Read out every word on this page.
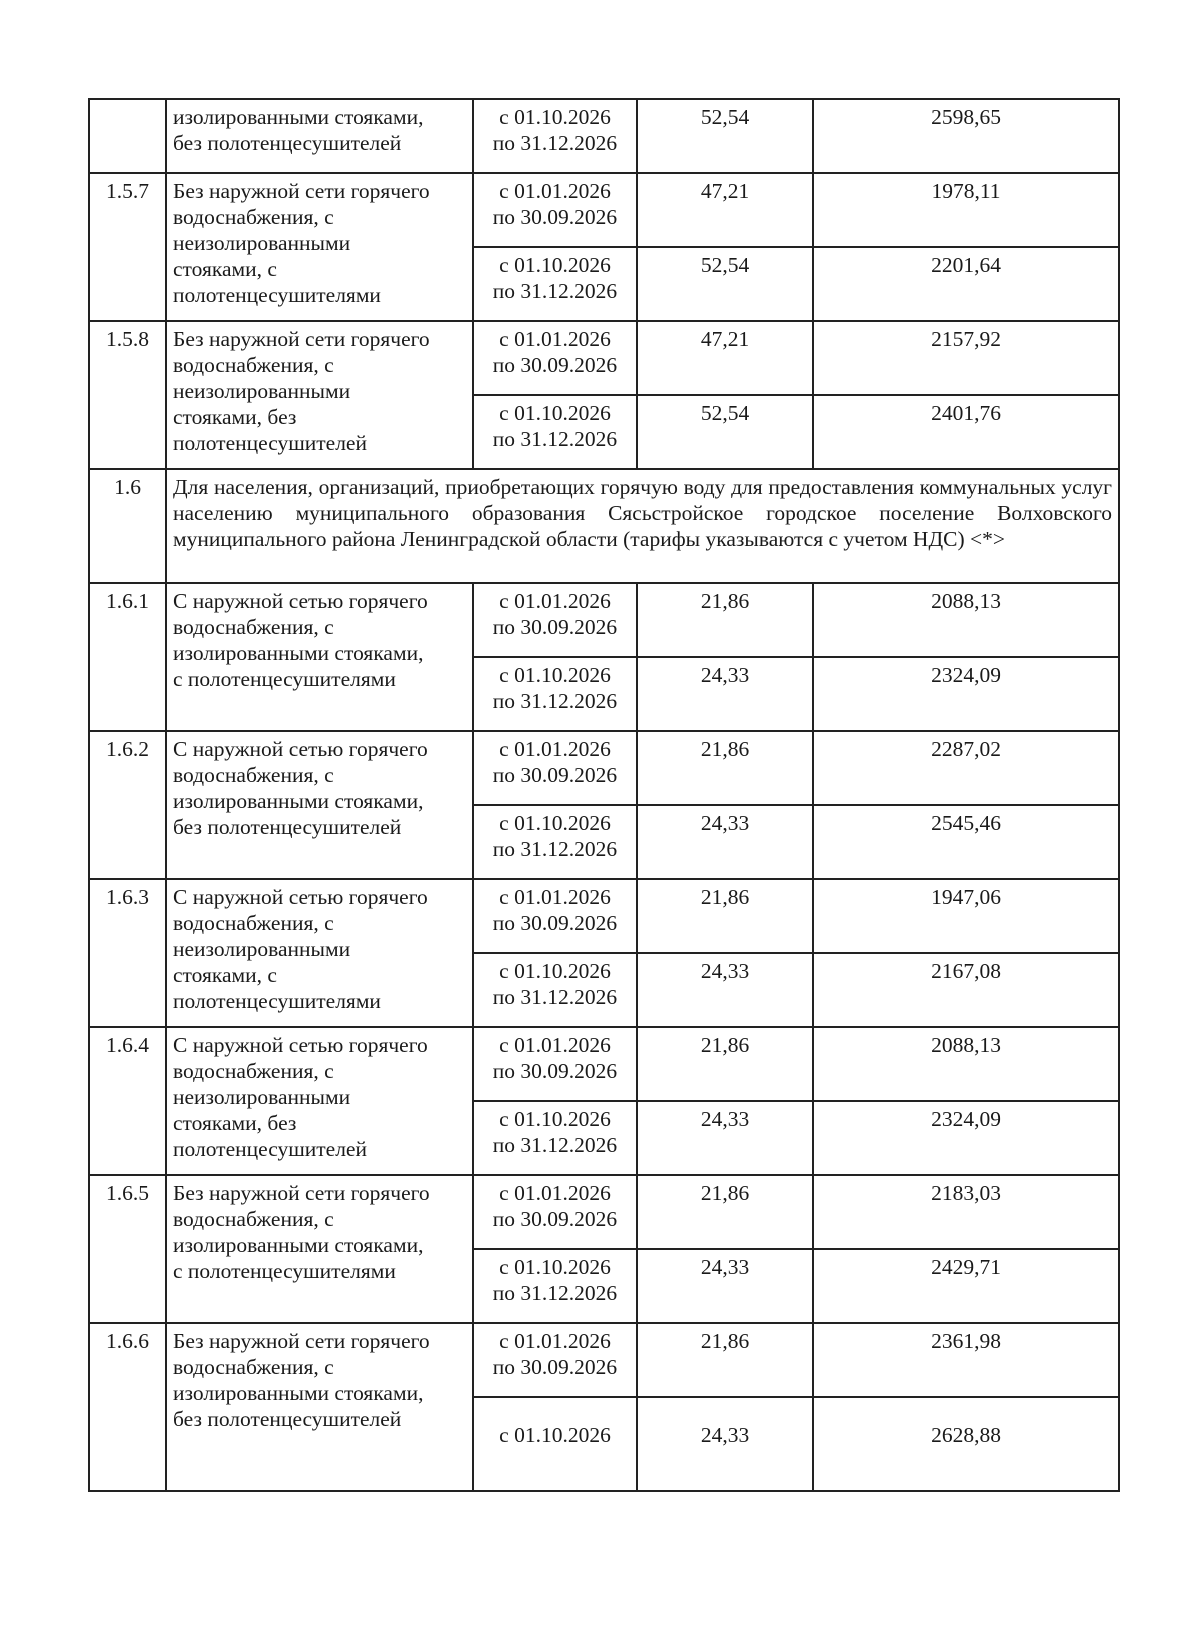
	изолированными стояками,
без полотенцесушителей	с 01.10.2026
по 31.12.2026	52,54	2598,65
1.5.7	Без наружной сети горячего
водоснабжения, с
неизолированными
стояками, с
полотенцесушителями	с 01.01.2026
по 30.09.2026	47,21	1978,11

		с 01.10.2026
по 31.12.2026	52,54	2201,64
1.5.8	Без наружной сети горячего
водоснабжения, с
неизолированными
стояками, без
полотенцесушителей	с 01.01.2026
по 30.09.2026	47,21	2157,92

		с 01.10.2026
по 31.12.2026	52,54	2401,76
1.6	Для населения, организаций, приобретающих горячую воду для предоставления коммунальных услуг населению муниципального образования Сясьстройское городское поселение Волховского муниципального района Ленинградской области (тарифы указываются с учетом НДС) <*>			
1.6.1	С наружной сетью горячего
водоснабжения, с
изолированными стояками,
с полотенцесушителями	с 01.01.2026
по 30.09.2026	21,86	2088,13

		с 01.10.2026
по 31.12.2026	24,33	2324,09
1.6.2	С наружной сетью горячего
водоснабжения, с
изолированными стояками,
без полотенцесушителей	с 01.01.2026
по 30.09.2026	21,86	2287,02

		с 01.10.2026
по 31.12.2026	24,33	2545,46
1.6.3	С наружной сетью горячего
водоснабжения, с
неизолированными
стояками, с
полотенцесушителями	с 01.01.2026
по 30.09.2026	21,86	1947,06

		с 01.10.2026
по 31.12.2026	24,33	2167,08
1.6.4	С наружной сетью горячего
водоснабжения, с
неизолированными
стояками, без
полотенцесушителей	с 01.01.2026
по 30.09.2026	21,86	2088,13

		с 01.10.2026
по 31.12.2026	24,33	2324,09
1.6.5	Без наружной сети горячего
водоснабжения, с
изолированными стояками,
с полотенцесушителями	с 01.01.2026
по 30.09.2026	21,86	2183,03

		с 01.10.2026
по 31.12.2026	24,33	2429,71
1.6.6	Без наружной сети горячего
водоснабжения, с
изолированными стояками,
без полотенцесушителей	с 01.01.2026
по 30.09.2026	21,86	2361,98

		с 01.10.2026	24,33	2628,88
